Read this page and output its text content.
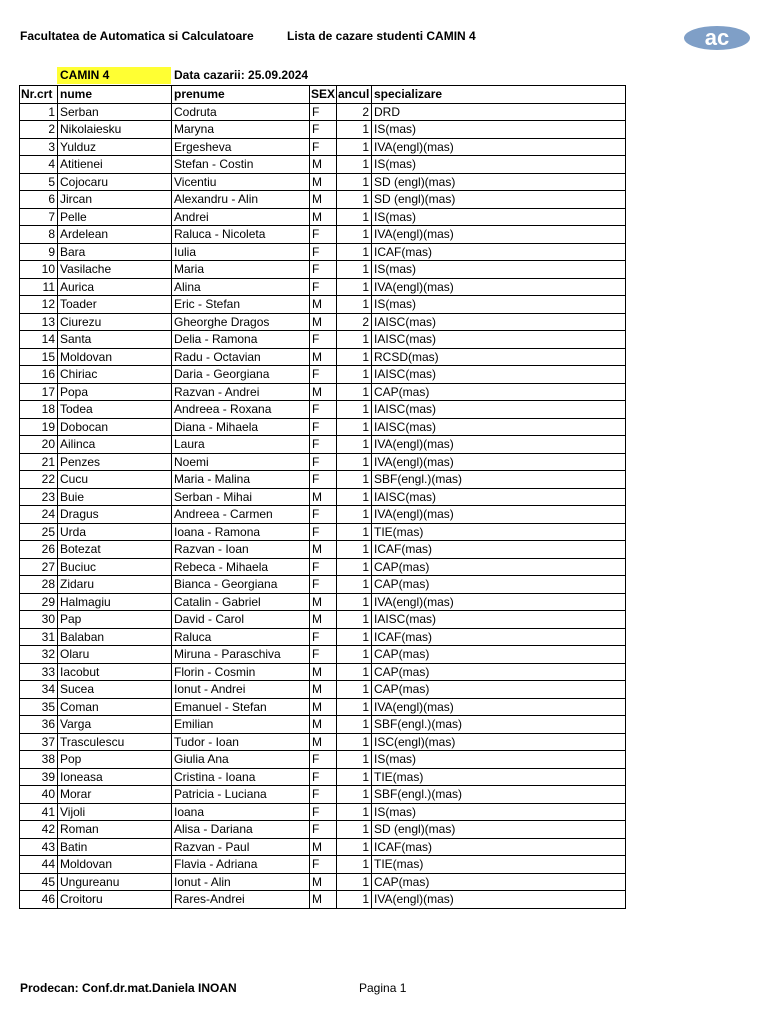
Facultatea de Automatica si Calculatoare	Lista de cazare studenti CAMIN 4	ac
CAMIN 4	Data cazarii: 25.09.2024
Nr.crt	nume	prenume	SEX	ancul	specializare
1	Serban	Codruta	F	2	DRD
2	Nikolaiesku	Maryna	F	1	IS(mas)
3	Yulduz	Ergesheva	F	1	IVA(engl)(mas)
4	Atitienei	Stefan - Costin	M	1	IS(mas)
5	Cojocaru	Vicentiu	M	1	SD (engl)(mas)
6	Jircan	Alexandru - Alin	M	1	SD (engl)(mas)
7	Pelle	Andrei	M	1	IS(mas)
8	Ardelean	Raluca - Nicoleta	F	1	IVA(engl)(mas)
9	Bara	Iulia	F	1	ICAF(mas)
10	Vasilache	Maria	F	1	IS(mas)
11	Aurica	Alina	F	1	IVA(engl)(mas)
12	Toader	Eric - Stefan	M	1	IS(mas)
13	Ciurezu	Gheorghe Dragos	M	2	IAISC(mas)
14	Santa	Delia - Ramona	F	1	IAISC(mas)
15	Moldovan	Radu - Octavian	M	1	RCSD(mas)
16	Chiriac	Daria - Georgiana	F	1	IAISC(mas)
17	Popa	Razvan - Andrei	M	1	CAP(mas)
18	Todea	Andreea - Roxana	F	1	IAISC(mas)
19	Dobocan	Diana - Mihaela	F	1	IAISC(mas)
20	Ailinca	Laura	F	1	IVA(engl)(mas)
21	Penzes	Noemi	F	1	IVA(engl)(mas)
22	Cucu	Maria - Malina	F	1	SBF(engl.)(mas)
23	Buie	Serban - Mihai	M	1	IAISC(mas)
24	Dragus	Andreea - Carmen	F	1	IVA(engl)(mas)
25	Urda	Ioana - Ramona	F	1	TIE(mas)
26	Botezat	Razvan - Ioan	M	1	ICAF(mas)
27	Buciuc	Rebeca - Mihaela	F	1	CAP(mas)
28	Zidaru	Bianca - Georgiana	F	1	CAP(mas)
29	Halmagiu	Catalin - Gabriel	M	1	IVA(engl)(mas)
30	Pap	David - Carol	M	1	IAISC(mas)
31	Balaban	Raluca	F	1	ICAF(mas)
32	Olaru	Miruna - Paraschiva	F	1	CAP(mas)
33	Iacobut	Florin - Cosmin	M	1	CAP(mas)
34	Sucea	Ionut - Andrei	M	1	CAP(mas)
35	Coman	Emanuel - Stefan	M	1	IVA(engl)(mas)
36	Varga	Emilian	M	1	SBF(engl.)(mas)
37	Trasculescu	Tudor - Ioan	M	1	ISC(engl)(mas)
38	Pop	Giulia Ana	F	1	IS(mas)
39	Ioneasa	Cristina - Ioana	F	1	TIE(mas)
40	Morar	Patricia - Luciana	F	1	SBF(engl.)(mas)
41	Vijoli	Ioana	F	1	IS(mas)
42	Roman	Alisa - Dariana	F	1	SD (engl)(mas)
43	Batin	Razvan - Paul	M	1	ICAF(mas)
44	Moldovan	Flavia - Adriana	F	1	TIE(mas)
45	Ungureanu	Ionut - Alin	M	1	CAP(mas)
46	Croitoru	Rares-Andrei	M	1	IVA(engl)(mas)
Prodecan: Conf.dr.mat.Daniela INOAN	Pagina 1
